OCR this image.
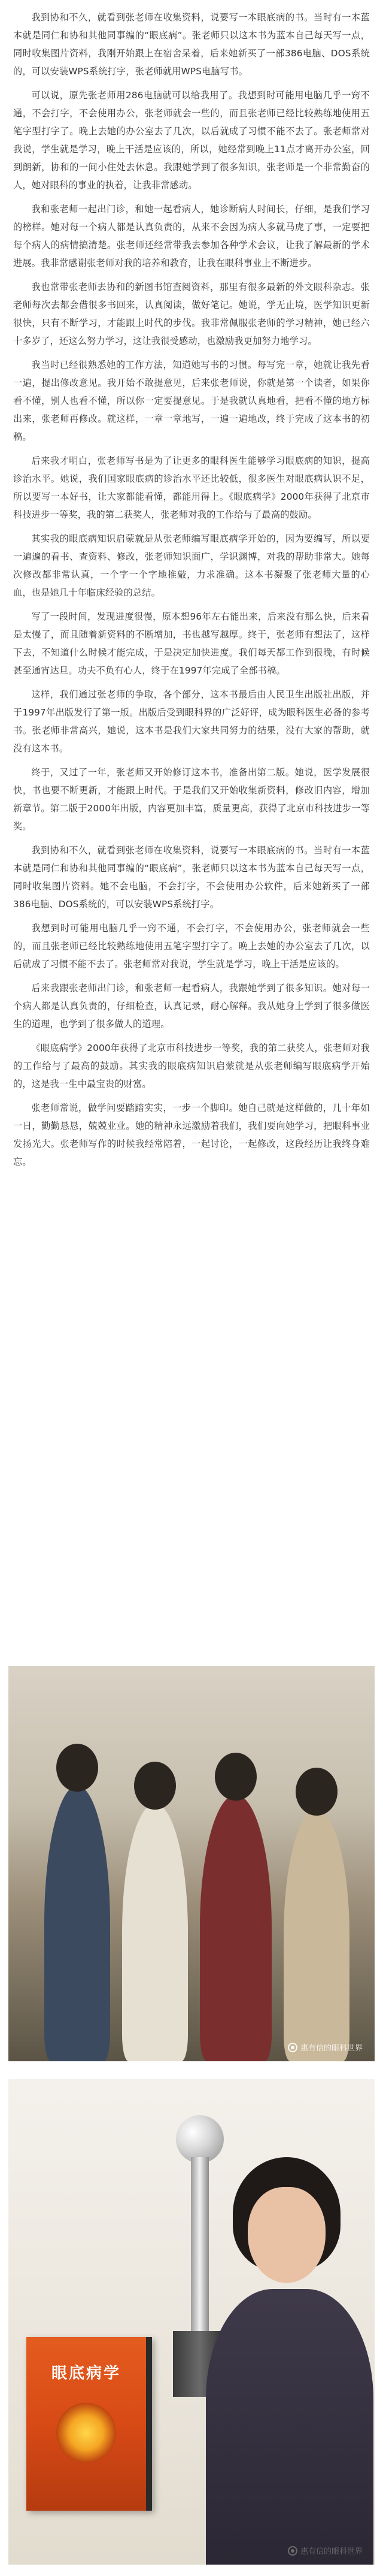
我到协和不久，就看到张老师在收集资料，说要写一本眼底病的书。当时有一本蓝本就是同仁和协和其他同事编的“眼底病”。张老师只以这本书为蓝本自己每天写一点，同时收集图片资料，我刚开始跟上在宿舍呆着，后来她新买了一部386电脑、DOS系统的，可以安装WPS系统打字，张老师就用WPS电脑写书。

可以说，原先张老师用286电脑就可以给我用了。我想到时可能用电脑几乎一窍不通，不会打字，不会使用办公，张老师就会一些的，而且张老师已经比较熟练地使用五笔字型打字了。晚上去她的办公室去了几次，以后就成了习惯不能不去了。张老师常对我说，学生就是学习，晚上干活是应该的，所以，她经常到晚上11点才离开办公室，回到朗新，协和的一间小住处去休息。我跟她学到了很多知识，张老师是一个非常勤奋的人，她对眼科的事业的执着，让我非常感动。

我和张老师一起出门诊，和她一起看病人，她诊断病人时间长，仔细，是我们学习的榜样。她对每一个病人都是认真负责的，从来不会因为病人多就马虎了事，一定要把每个病人的病情搞清楚。张老师还经常带我去参加各种学术会议，让我了解最新的学术进展。我非常感谢张老师对我的培养和教育，让我在眼科事业上不断进步。

我也常带张老师去协和的新图书馆查阅资料，那里有很多最新的外文眼科杂志。张老师每次去都会借很多书回来，认真阅读，做好笔记。她说，学无止境，医学知识更新很快，只有不断学习，才能跟上时代的步伐。我非常佩服张老师的学习精神，她已经六十多岁了，还这么努力学习，这让我很受感动，也激励我更加努力地学习。

我当时已经很熟悉她的工作方法，知道她写书的习惯。每写完一章，她就让我先看一遍，提出修改意见。我开始不敢提意见，后来张老师说，你就是第一个读者，如果你看不懂，别人也看不懂，所以你一定要提意见。于是我就认真地看，把看不懂的地方标出来，张老师再修改。就这样，一章一章地写，一遍一遍地改，终于完成了这本书的初稿。

后来我才明白，张老师写书是为了让更多的眼科医生能够学习眼底病的知识，提高诊治水平。她说，我们国家眼底病的诊治水平还比较低，很多医生对眼底病认识不足，所以要写一本好书，让大家都能看懂，都能用得上。《眼底病学》2000年获得了北京市科技进步一等奖，我的第二获奖人，张老师对我的工作给与了最高的鼓励。

其实我的眼底病知识启蒙就是从张老师编写眼底病学开始的，因为要编写，所以要一遍遍的看书、查资料、修改，张老师知识面广，学识渊博，对我的帮助非常大。她每次修改都非常认真，一个字一个字地推敲，力求准确。这本书凝聚了张老师大量的心血，也是她几十年临床经验的总结。

写了一段时间，发现进度很慢，原本想96年左右能出来，后来没有那么快，后来看是太慢了，而且随着新资料的不断增加，书也越写越厚。终于，张老师有想法了，这样下去，不知道什么时候才能完成，于是决定加快进度。我们每天都工作到很晚，有时候甚至通宵达旦。功夫不负有心人，终于在1997年完成了全部书稿。

这样，我们通过张老师的争取，各个部分，这本书最后由人民卫生出版社出版，并于1997年出版发行了第一版。出版后受到眼科界的广泛好评，成为眼科医生必备的参考书。张老师非常高兴，她说，这本书是我们大家共同努力的结果，没有大家的帮助，就没有这本书。

终于，又过了一年，张老师又开始修订这本书，准备出第二版。她说，医学发展很快，书也要不断更新，才能跟上时代。于是我们又开始收集新资料，修改旧内容，增加新章节。第二版于2000年出版，内容更加丰富，质量更高，获得了北京市科技进步一等奖。

我到协和不久，就看到张老师在收集资料，说要写一本眼底病的书。当时有一本蓝本就是同仁和协和其他同事编的“眼底病”，张老师只以这本书为蓝本自己每天写一点，同时收集图片资料。她不会电脑，不会打字，不会使用办公软件，后来她新买了一部386电脑、DOS系统的，可以安装WPS系统打字。

我想到时可能用电脑几乎一窍不通，不会打字，不会使用办公，张老师就会一些的，而且张老师已经比较熟练地使用五笔字型打字了。晚上去她的办公室去了几次，以后就成了习惯不能不去了。张老师常对我说，学生就是学习，晚上干活是应该的。

后来我跟张老师出门诊，和张老师一起看病人，我跟她学到了很多知识。她对每一个病人都是认真负责的，仔细检查，认真记录，耐心解释。我从她身上学到了很多做医生的道理，也学到了很多做人的道理。

《眼底病学》2000年获得了北京市科技进步一等奖，我的第二获奖人，张老师对我的工作给与了最高的鼓励。其实我的眼底病知识启蒙就是从张老师编写眼底病学开始的，这是我一生中最宝贵的财富。

张老师常说，做学问要踏踏实实，一步一个脚印。她自己就是这样做的，几十年如一日，勤勤恳恳，兢兢业业。她的精神永远激励着我们，我们要向她学习，把眼科事业发扬光大。张老师写作的时候我经常陪着，一起讨论，一起修改，这段经历让我终身难忘。

惠有信的眼科世界
眼底病学
惠有信的眼科世界
